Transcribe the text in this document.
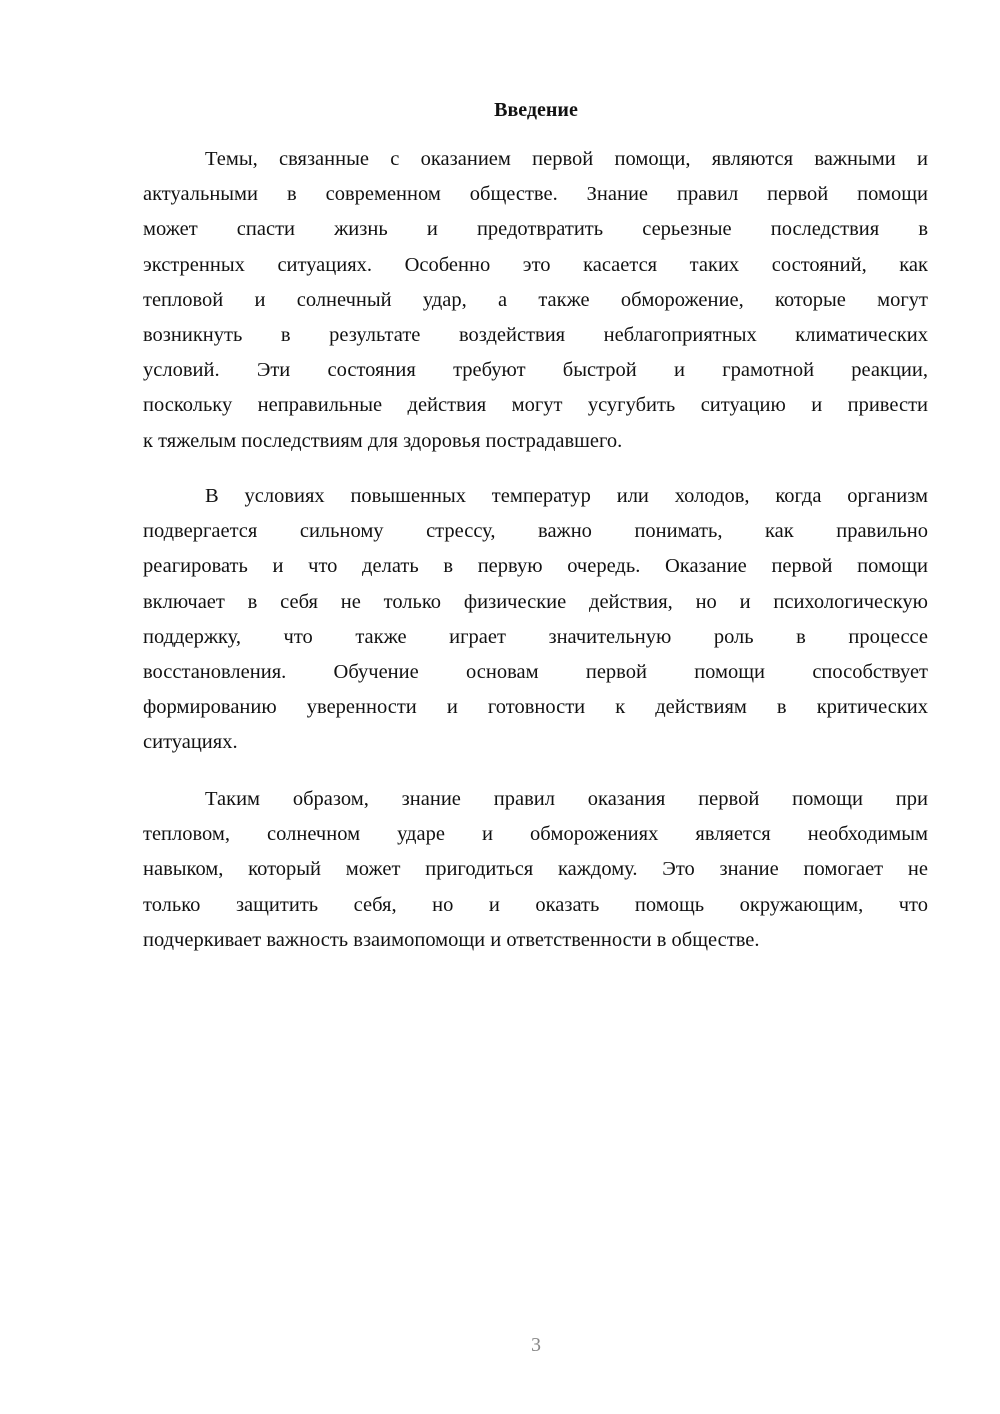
Введение
Темы, связанные с оказанием первой помощи, являются важными и
актуальными в современном обществе. Знание правил первой помощи
может спасти жизнь и предотвратить серьезные последствия в
экстренных ситуациях. Особенно это касается таких состояний, как
тепловой и солнечный удар, а также обморожение, которые могут
возникнуть в результате воздействия неблагоприятных климатических
условий. Эти состояния требуют быстрой и грамотной реакции,
поскольку неправильные действия могут усугубить ситуацию и привести
к тяжелым последствиям для здоровья пострадавшего.
В условиях повышенных температур или холодов, когда организм
подвергается сильному стрессу, важно понимать, как правильно
реагировать и что делать в первую очередь. Оказание первой помощи
включает в себя не только физические действия, но и психологическую
поддержку, что также играет значительную роль в процессе
восстановления. Обучение основам первой помощи способствует
формированию уверенности и готовности к действиям в критических
ситуациях.
Таким образом, знание правил оказания первой помощи при
тепловом, солнечном ударе и обморожениях является необходимым
навыком, который может пригодиться каждому. Это знание помогает не
только защитить себя, но и оказать помощь окружающим, что
подчеркивает важность взаимопомощи и ответственности в обществе.
3
